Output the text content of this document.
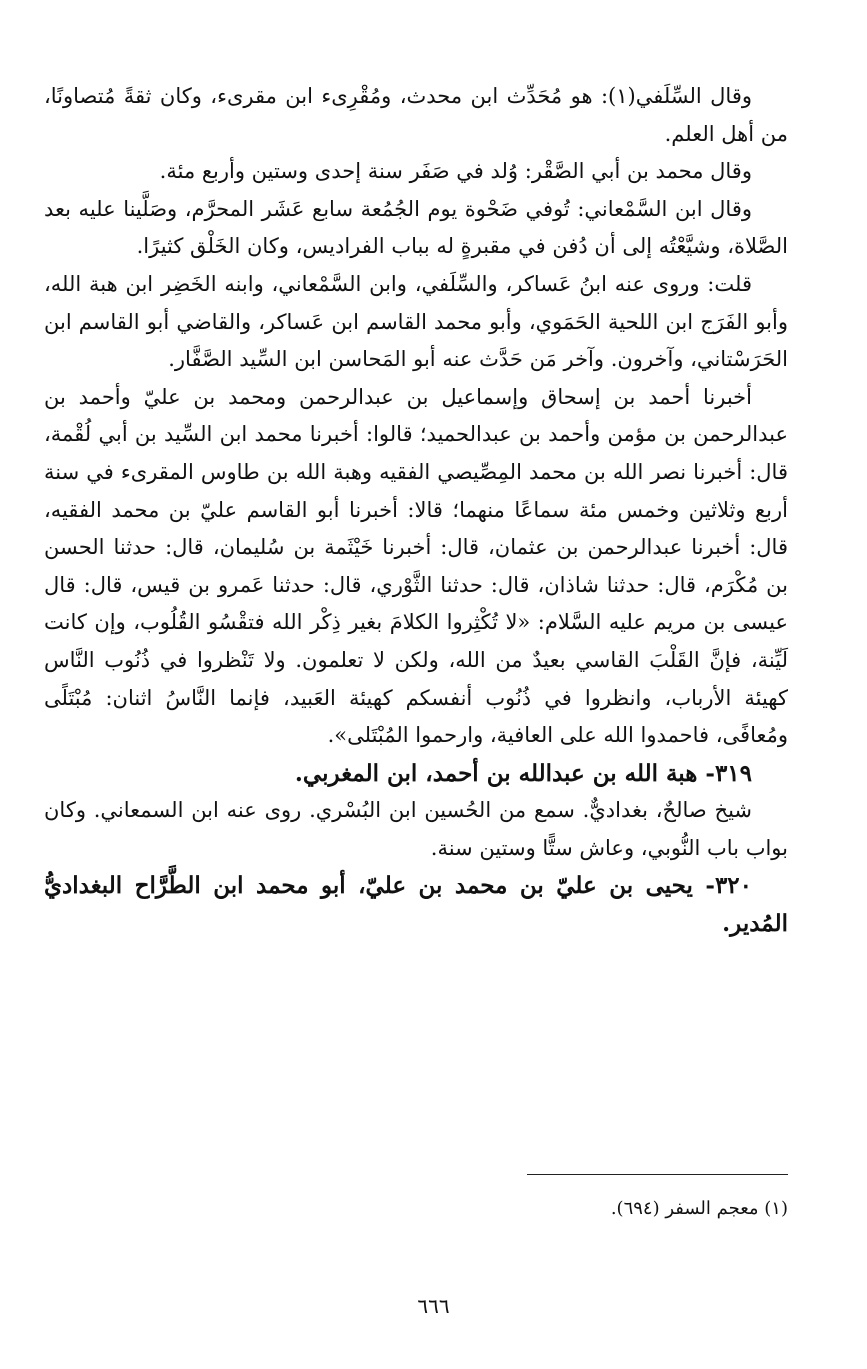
وقال السِّلَفي(١): هو مُحَدِّث ابن محدث، ومُقْرِىء ابن مقرىء، وكان ثقةً مُتصاونًا، من أهل العلم.

وقال محمد بن أبي الصَّقْر: وُلد في صَفَر سنة إحدى وستين وأربع مئة.

وقال ابن السَّمْعاني: تُوفي ضَحْوة يوم الجُمُعة سابع عَشَر المحرَّم، وصَلَّينا عليه بعد الصَّلاة، وشيَّعْتُه إلى أن دُفن في مقبرةٍ له بباب الفراديس، وكان الخَلْق كثيرًا.

قلت: وروى عنه ابنُ عَساكر، والسِّلَفي، وابن السَّمْعاني، وابنه الخَضِر ابن هبة الله، وأبو الفَرَج ابن اللحية الحَمَوي، وأبو محمد القاسم ابن عَساكر، والقاضي أبو القاسم ابن الحَرَسْتاني، وآخرون. وآخر مَن حَدَّث عنه أبو المَحاسن ابن السِّيد الصَّفَّار.

أخبرنا أحمد بن إسحاق وإسماعيل بن عبدالرحمن ومحمد بن عليّ وأحمد بن عبدالرحمن بن مؤمن وأحمد بن عبدالحميد؛ قالوا: أخبرنا محمد ابن السِّيد بن أبي لُقْمة، قال: أخبرنا نصر الله بن محمد المِصِّيصي الفقيه وهبة الله بن طاوس المقرىء في سنة أربع وثلاثين وخمس مئة سماعًا منهما؛ قالا: أخبرنا أبو القاسم عليّ بن محمد الفقيه، قال: أخبرنا عبدالرحمن بن عثمان، قال: أخبرنا خَيْثَمة بن سُليمان، قال: حدثنا الحسن بن مُكْرَم، قال: حدثنا شاذان، قال: حدثنا الثَّوْري، قال: حدثنا عَمرو بن قيس، قال: قال عيسى بن مريم عليه السَّلام: «لا تُكْثِروا الكلامَ بغير ذِكْر الله فتقْسُو القُلُوب، وإن كانت لَيِّنة، فإنَّ القَلْبَ القاسي بعيدٌ من الله، ولكن لا تعلمون. ولا تَنْظروا في ذُنُوب النَّاس كهيئة الأرباب، وانظروا في ذُنُوب أنفسكم كهيئة العَبيد، فإنما النَّاسُ اثنان: مُبْتَلًى ومُعافًى، فاحمدوا الله على العافية، وارحموا المُبْتَلى».

٣١٩- هبة الله بن عبدالله بن أحمد، ابن المغربي.

شيخ صالحٌ، بغداديٌّ. سمع من الحُسين ابن البُسْري. روى عنه ابن السمعاني. وكان بواب باب النُّوبي، وعاش ستًّا وستين سنة.

٣٢٠- يحيى بن عليّ بن محمد بن عليّ، أبو محمد ابن الطَّرَّاح البغداديُّ المُدير.

(١) معجم السفر (٦٩٤).

٦٦٦
